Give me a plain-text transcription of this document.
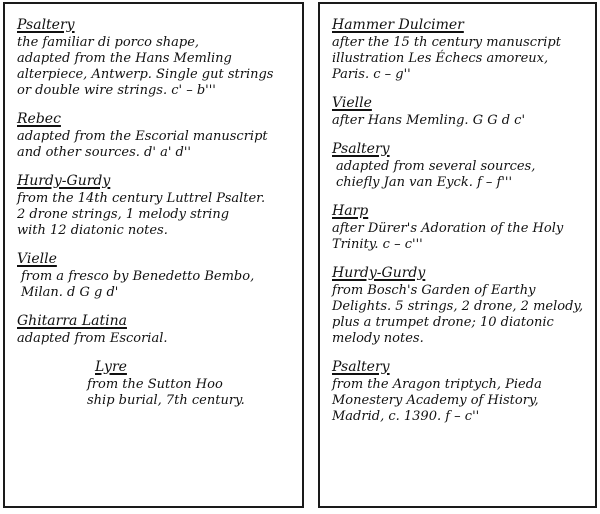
Psaltery
the familiar di porco shape,
adapted from the Hans Memling
alterpiece, Antwerp. Single gut strings
or double wire strings. c' – b'''
Rebec
adapted from the Escorial manuscript
and other sources. d' a' d''
Hurdy-Gurdy
from the 14th century Luttrel Psalter.
2 drone strings, 1 melody string
with 12 diatonic notes.
Vielle
from a fresco by Benedetto Bembo,
Milan. d G g d'
Ghitarra Latina
adapted from Escorial.
Lyre
from the Sutton Hoo
ship burial, 7th century.
Hammer Dulcimer
after the 15 th century manuscript
illustration Les Échecs amoreux,
Paris. c – g''
Vielle
after Hans Memling. G G d c'
Psaltery
adapted from several sources,
chiefly Jan van Eyck. f – f'''
Harp
after Dürer's Adoration of the Holy
Trinity. c – c'''
Hurdy-Gurdy
from Bosch's Garden of Earthy
Delights. 5 strings, 2 drone, 2 melody,
plus a trumpet drone; 10 diatonic
melody notes.
Psaltery
from the Aragon triptych, Pieda
Monestery Academy of History,
Madrid, c. 1390. f – c''
